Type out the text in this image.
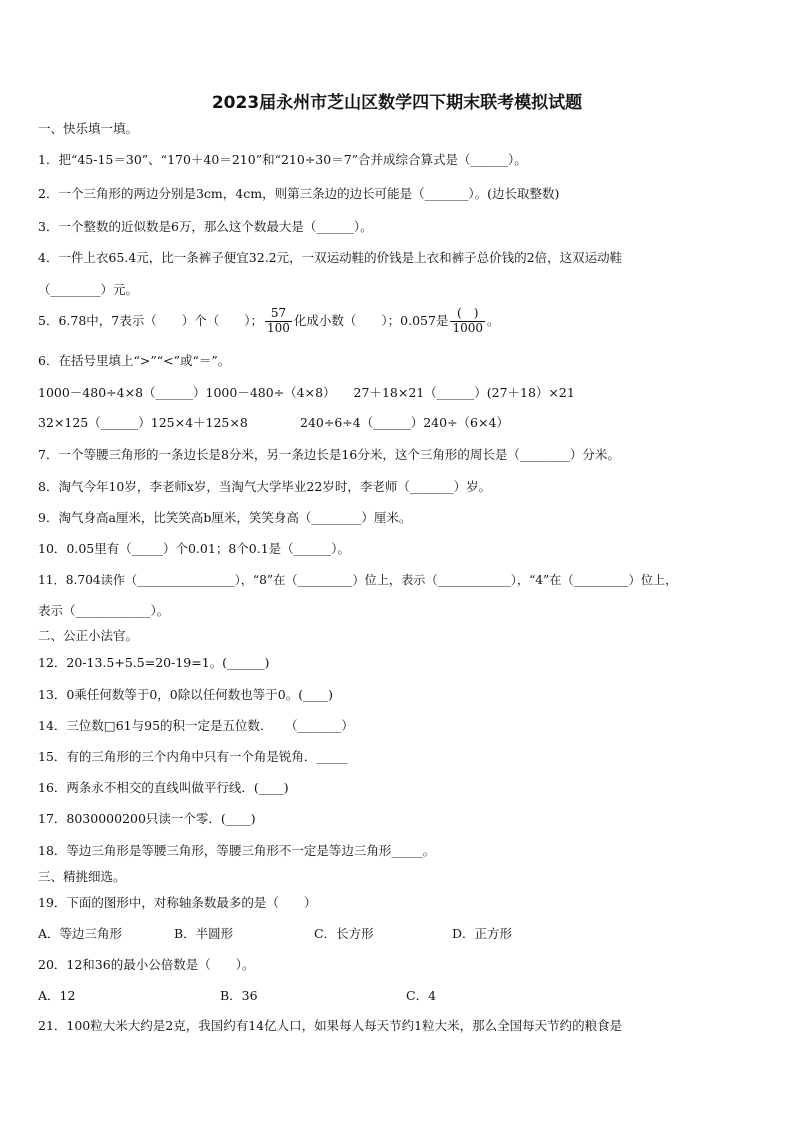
2023届永州市芝山区数学四下期末联考模拟试题
一、快乐填一填。
1．把“45-15＝30”、“170＋40＝210”和“210÷30＝7”合并成综合算式是（______）。
2．一个三角形的两边分别是3cm，4cm，则第三条边的边长可能是（_______）。(边长取整数)
3．一个整数的近似数是6万，那么这个数最大是（______）。
4．一件上衣65.4元，比一条裤子便宜32.2元，一双运动鞋的价钱是上衣和裤子总价钱的2倍，这双运动鞋
（________）元。
5．6.78中，7表示（　　）个（　　）； $\frac{57}{100}$ 化成小数（　　）；0.057是 $\frac{( )}{1000}$ 。
6．在括号里填上“>”“<”或“＝”。
1000－480÷4×8（______）1000－480÷（4×8） 27＋18×21（______）(27＋18）×21
32×125（______）125×4＋125×8	240÷6÷4（______）240÷（6×4）
7．一个等腰三角形的一条边长是8分米，另一条边长是16分米，这个三角形的周长是（________）分米。
8．淘气今年10岁，李老师x岁，当淘气大学毕业22岁时，李老师（_______）岁。
9．淘气身高a厘米，比笑笑高b厘米，笑笑身高（________）厘米。
10．0.05里有（_____）个0.01；8个0.1是（______）。
11．8.704读作（________________），“8”在（_________）位上，表示（____________），“4”在（_________）位上，
表示（____________）。
二、公正小法官。
12．20-13.5+5.5=20-19=1。(______)
13．0乘任何数等于0，0除以任何数也等于0。(____)
14．三位数□61与95的积一定是五位数．　　（_______）
15．有的三角形的三个内角中只有一个角是锐角．_____
16．两条永不相交的直线叫做平行线．(____)
17．8030000200只读一个零．(____)
18．等边三角形是等腰三角形，等腰三角形不一定是等边三角形_____。
三、精挑细选。
19．下面的图形中，对称轴条数最多的是（　　）
A．等边三角形	B．半圆形	C．长方形	D．正方形
20．12和36的最小公倍数是（　　）。
A．12	B．36	C．4
21．100粒大米大约是2克，我国约有14亿人口，如果每人每天节约1粒大米，那么全国每天节约的粮食是
